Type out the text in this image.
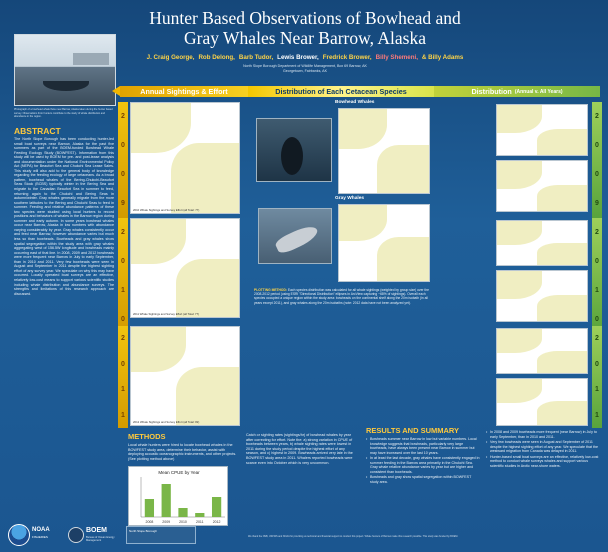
Photograph of a bowhead whale fluke near Barrow, Alaska taken during the hunter based survey. Observations from hunters contribute to the study of whale distribution and abundance in the region.
Hunter Based Observations of Bowhead and
Gray Whales Near Barrow, Alaska
J. Craig George, Rob Delong, Barb Tudor, Lewis Brower, Fredrick Brower, Billy Shemeni, & Billy Adams
North Slope Borough Department of Wildlife Management, Box 69 Barrow, AK
Georgetown, Fairbanks, AK
Annual Sightings & Effort	Distribution of Each Cetacean Species	Distribution (Annual v. All Years)
2
0
0
9
2
0
1
0
2
0
1
1
2
0
0
9
2
0
1
0
2
0
1
1
2010 Whale Sightings and Survey Effort (all Total: 77)
2011 Whale Sightings and Survey Effort (all Total: 77)
2012 Whale Sightings and Survey Effort (all Total: 82)
Bowhead Whales
Gray Whales
PLOTTING METHOD: Each species distribution was calculated for all whale sightings (weighted by group size) over the 2008-2012 period (using ESRI "Directional Distribution" ellipses in ArcView capturing ~68% of sightings). Overall each species occupied a unique region within the study area: bowheads on the continental shelf along the 20m isobath (in all years except 2011), and gray whales along the 20m isobaths (note: 2012 data have not been analyzed yet).
ABSTRACT
The North Slope Borough has been conducting hunter-led small boat surveys near Barrow, Alaska for the past five summers as part of the BOEM-funded Bowhead Whale Feeding Ecology Study (BOWFEST). Information from this study will be used by BOEM for pre- and post-lease analysis and documentation under the National Environmental Policy Act (NEPA) for Beaufort Sea and Chukchi Sea Lease Sales. This study will also add to the general body of knowledge regarding the feeding ecology of large cetaceans. As a broad pattern, bowhead whales of the Bering-Chukchi-Beaufort Seas Stock (BCBS) typically winter in the Bering Sea and migrate to the Canadian Beaufort Sea in summer to feed, returning again to the Chukchi and Bering Seas in autumn/winter. Gray whales generally migrate from the more southern latitudes to the Bering and Chukchi Seas to feed in summer. Feeding and relative abundance patterns of these two species were studied using local hunters to record positions and behaviors of whales in the Barrow region during summer and early autumn. In some years bowhead whales occur near Barrow, Alaska in low numbers with abundance varying considerably by year. Gray whales consistently occur and feed near Barrow, however abundance varies but much less so than bowheads. Bowheads and gray whales show spatial segregation within the study area with gray whales aggregating west of 156.5W longitude and bowheads mainly occurring east of that line. In 2008, 2009 and 2012 bowheads were more frequent near Barrow in July to early September, than in 2010 and 2011. Very few bowheads were seen in August and September in 2011 despite the highest sighting effort of any survey year. We speculate on why this may have occurred. Locally operated boat surveys are an effective, relatively low-cost means to support various scientific studies including whale distribution and abundance surveys. The strengths and limitations of this research approach are discussed.
METHODS
Local whale hunters were hired to locate bowhead whales in the BOWFEST study area, determine their behavior, assist with deploying acoustic oceanographic instruments, and other projects. (See plotting method above)
Catch or sighting rates (sightings/hr) of bowhead whales by year after correcting for effort. Note the: a) strong variation in CPUE of bowheads between years, b) whale sighting rates were lowest in 2011 during the study period despite the highest effort of any season, and c) highest in 2009. Bowheads arrived very late in the BOWFEST study area in 2011. Whalers reported bowheads were scarce even into October which is very uncommon.
Mean CPUE by Year
2008	2009	2010	2011	2012
RESULTS AND SUMMARY
• Bowheads summer near Barrow in low but variable numbers. Local knowledge suggests that bowheads, particularly very large bowheads, have always been present near Barrow in summer but may have increased over the last 10 years.
• In at least the last decade, gray whales have consistently engaged in summer feeding in the Barrow area primarily in the Chukchi Sea. Gray whale relative abundance varies by year but are higher and consistent than bowheads.
• Bowheads and gray show spatial segregation within BOWFEST study area.
• In 2008 and 2009 bowheads more frequent (near Barrow) in July to early September, than in 2010 and 2011.
• Very few bowheads were seen in August and September of 2011 despite the highest sighting effort of any year. We speculate that the westward migration from Canada was delayed in 2011.
• Hunter-based small boat surveys are an effective, relatively low-cost method to conduct whale surveys whales and support various scientific studies in Arctic near-shore waters.
NOAA
FISHERIES
BOEM
Bureau of Ocean Energy Management
North Slope Borough
We thank the NSB, USFWS and NOAA for providing us technical and financial support to conduct this project. Whale hunters of Barrow made this research possible. This study was funded by BOEM.
